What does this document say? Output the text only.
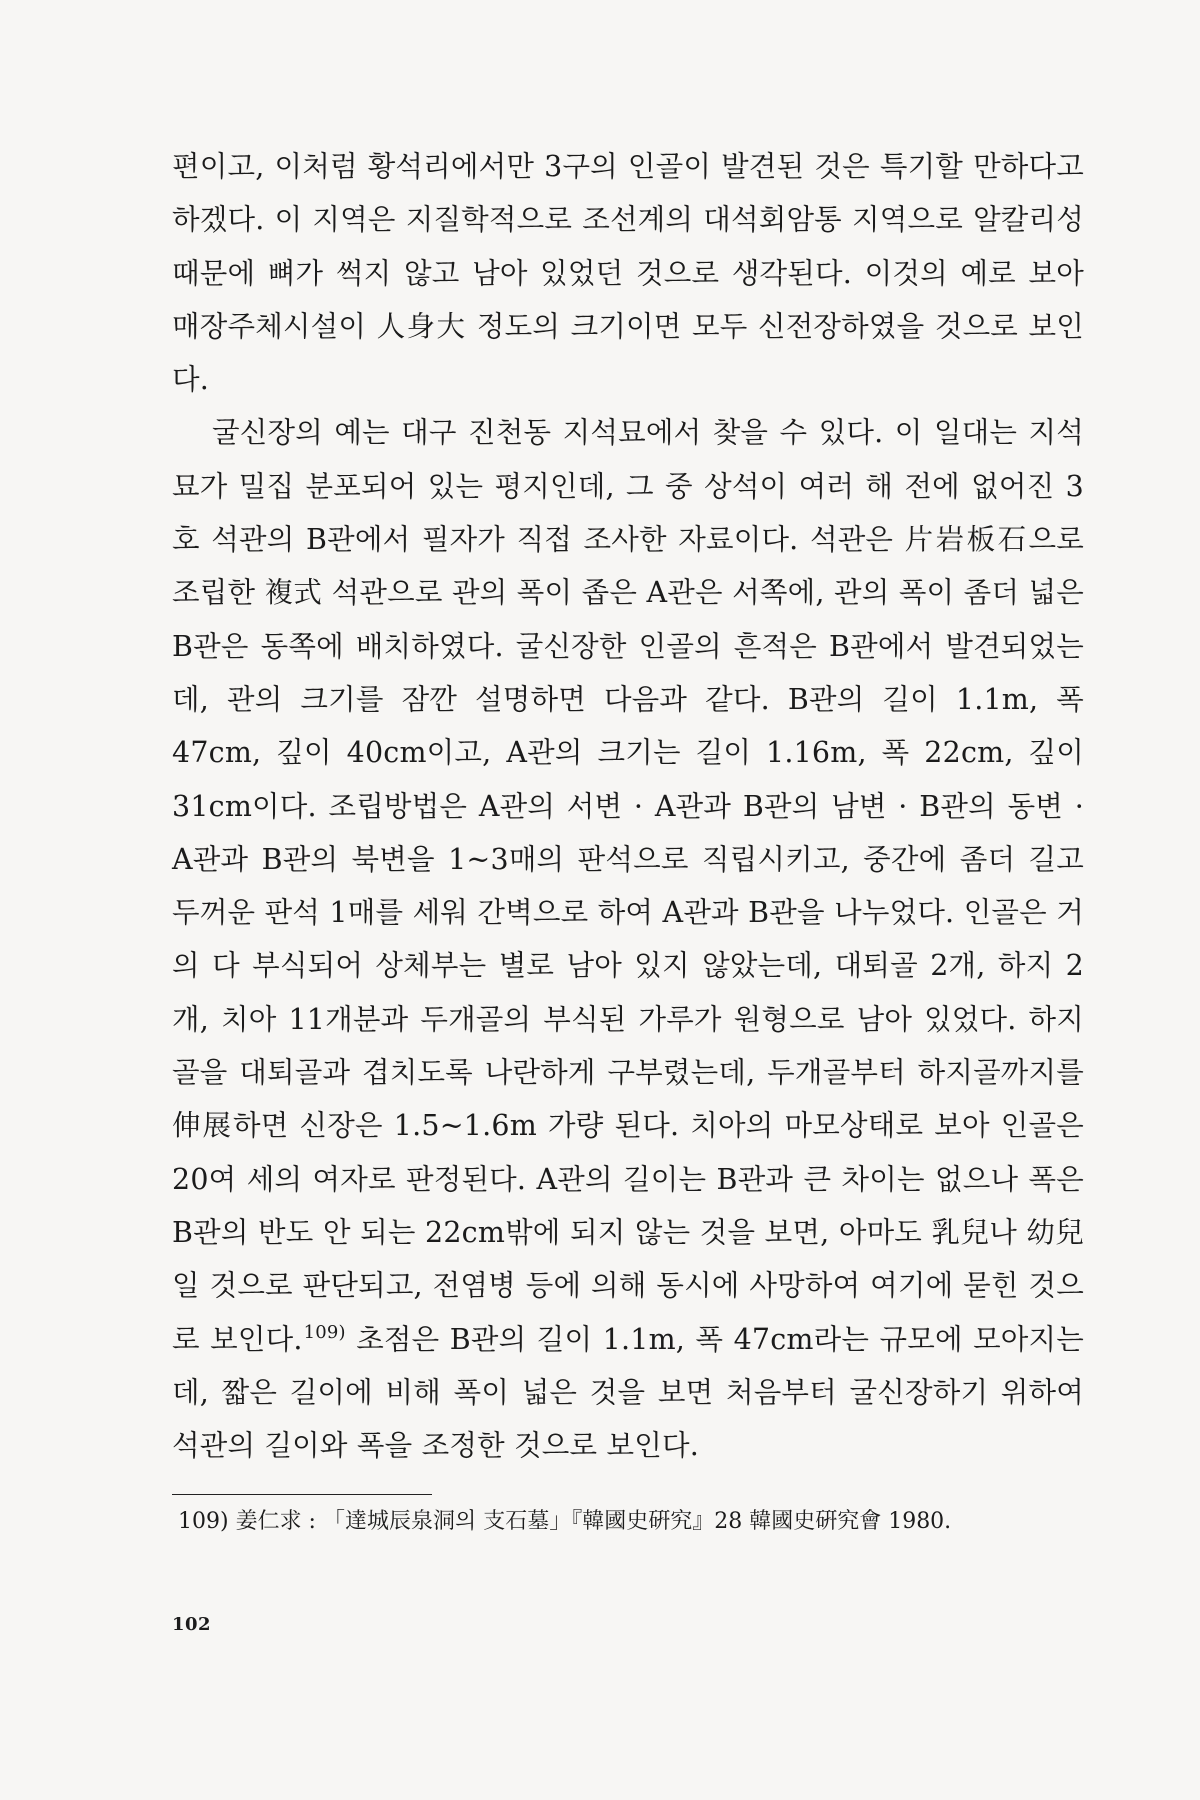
편이고, 이처럼 황석리에서만 3구의 인골이 발견된 것은 특기할 만하다고 하겠다. 이 지역은 지질학적으로 조선계의 대석회암통 지역으로 알칼리성 때문에 뼈가 썩지 않고 남아 있었던 것으로 생각된다. 이것의 예로 보아 매장주체시설이 人身大 정도의 크기이면 모두 신전장하였을 것으로 보인다.

굴신장의 예는 대구 진천동 지석묘에서 찾을 수 있다. 이 일대는 지석묘가 밀집 분포되어 있는 평지인데, 그 중 상석이 여러 해 전에 없어진 3호 석관의 B관에서 필자가 직접 조사한 자료이다. 석관은 片岩板石으로 조립한 複式 석관으로 관의 폭이 좁은 A관은 서쪽에, 관의 폭이 좀더 넓은 B관은 동쪽에 배치하였다. 굴신장한 인골의 흔적은 B관에서 발견되었는데, 관의 크기를 잠깐 설명하면 다음과 같다. B관의 길이 1.1m, 폭 47cm, 깊이 40cm이고, A관의 크기는 길이 1.16m, 폭 22cm, 깊이 31cm이다. 조립방법은 A관의 서변 · A관과 B관의 남변 · B관의 동변 · A관과 B관의 북변을 1~3매의 판석으로 직립시키고, 중간에 좀더 길고 두꺼운 판석 1매를 세워 간벽으로 하여 A관과 B관을 나누었다. 인골은 거의 다 부식되어 상체부는 별로 남아 있지 않았는데, 대퇴골 2개, 하지 2개, 치아 11개분과 두개골의 부식된 가루가 원형으로 남아 있었다. 하지골을 대퇴골과 겹치도록 나란하게 구부렸는데, 두개골부터 하지골까지를 伸展하면 신장은 1.5~1.6m 가량 된다. 치아의 마모상태로 보아 인골은 20여 세의 여자로 판정된다. A관의 길이는 B관과 큰 차이는 없으나 폭은 B관의 반도 안 되는 22cm밖에 되지 않는 것을 보면, 아마도 乳兒나 幼兒일 것으로 판단되고, 전염병 등에 의해 동시에 사망하여 여기에 묻힌 것으로 보인다.$^{109)}$ 초점은 B관의 길이 1.1m, 폭 47cm라는 규모에 모아지는데, 짧은 길이에 비해 폭이 넓은 것을 보면 처음부터 굴신장하기 위하여 석관의 길이와 폭을 조정한 것으로 보인다.

109) 姜仁求 : 「達城辰泉洞의 支石墓」『韓國史硏究』28 韓國史硏究會 1980.
102
